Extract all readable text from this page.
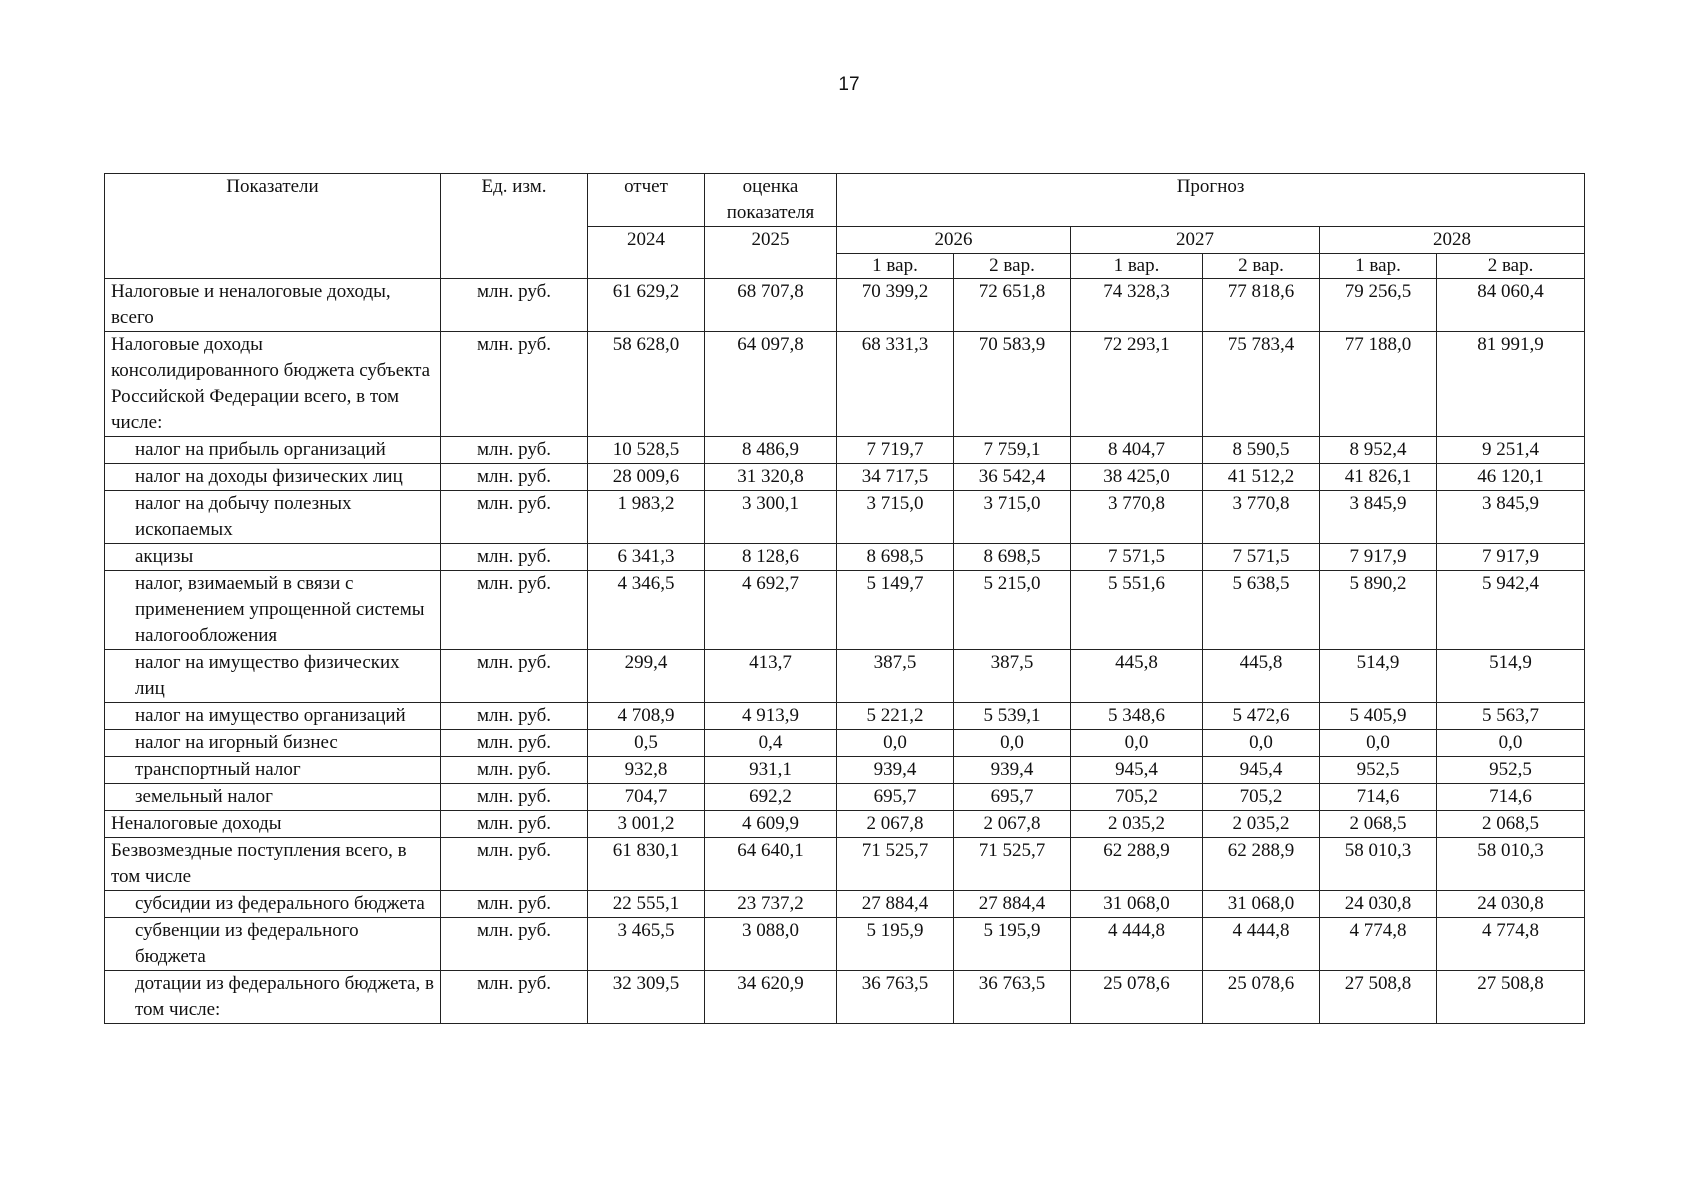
17
Показатели	Ед. изм.	отчет	оценка показателя	Прогноз					
		2024	2025	2026		2027		2028	
				1 вар.	2 вар.	1 вар.	2 вар.	1 вар.	2 вар.
Налоговые и неналоговые доходы, всего	млн. руб.	61 629,2	68 707,8	70 399,2	72 651,8	74 328,3	77 818,6	79 256,5	84 060,4
Налоговые доходы консолидированного бюджета субъекта Российской Федерации всего, в том числе:	млн. руб.	58 628,0	64 097,8	68 331,3	70 583,9	72 293,1	75 783,4	77 188,0	81 991,9
налог на прибыль организаций	млн. руб.	10 528,5	8 486,9	7 719,7	7 759,1	8 404,7	8 590,5	8 952,4	9 251,4
налог на доходы физических лиц	млн. руб.	28 009,6	31 320,8	34 717,5	36 542,4	38 425,0	41 512,2	41 826,1	46 120,1
налог на добычу полезных ископаемых	млн. руб.	1 983,2	3 300,1	3 715,0	3 715,0	3 770,8	3 770,8	3 845,9	3 845,9
акцизы	млн. руб.	6 341,3	8 128,6	8 698,5	8 698,5	7 571,5	7 571,5	7 917,9	7 917,9
налог, взимаемый в связи с применением упрощенной системы налогообложения	млн. руб.	4 346,5	4 692,7	5 149,7	5 215,0	5 551,6	5 638,5	5 890,2	5 942,4
налог на имущество физических лиц	млн. руб.	299,4	413,7	387,5	387,5	445,8	445,8	514,9	514,9
налог на имущество организаций	млн. руб.	4 708,9	4 913,9	5 221,2	5 539,1	5 348,6	5 472,6	5 405,9	5 563,7
налог на игорный бизнес	млн. руб.	0,5	0,4	0,0	0,0	0,0	0,0	0,0	0,0
транспортный налог	млн. руб.	932,8	931,1	939,4	939,4	945,4	945,4	952,5	952,5
земельный налог	млн. руб.	704,7	692,2	695,7	695,7	705,2	705,2	714,6	714,6
Неналоговые доходы	млн. руб.	3 001,2	4 609,9	2 067,8	2 067,8	2 035,2	2 035,2	2 068,5	2 068,5
Безвозмездные поступления всего, в том числе	млн. руб.	61 830,1	64 640,1	71 525,7	71 525,7	62 288,9	62 288,9	58 010,3	58 010,3
субсидии из федерального бюджета	млн. руб.	22 555,1	23 737,2	27 884,4	27 884,4	31 068,0	31 068,0	24 030,8	24 030,8
субвенции из федерального бюджета	млн. руб.	3 465,5	3 088,0	5 195,9	5 195,9	4 444,8	4 444,8	4 774,8	4 774,8
дотации из федерального бюджета, в том числе:	млн. руб.	32 309,5	34 620,9	36 763,5	36 763,5	25 078,6	25 078,6	27 508,8	27 508,8
